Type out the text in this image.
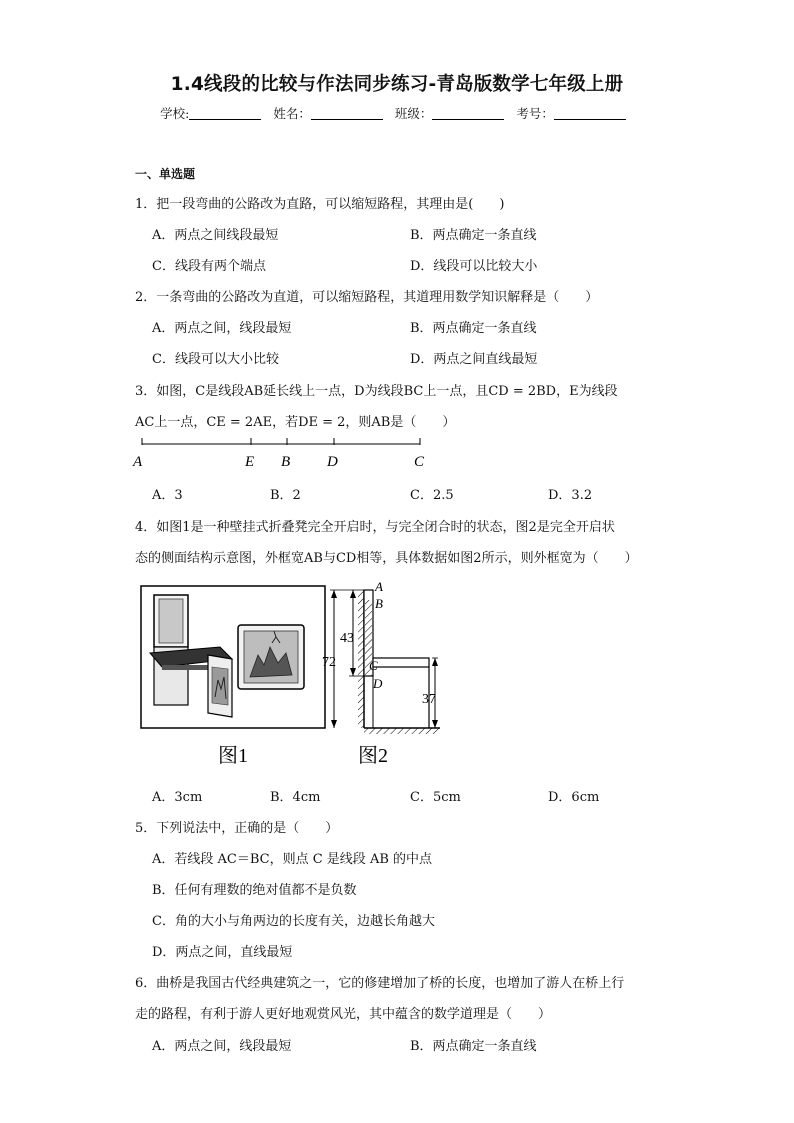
1.4线段的比较与作法同步练习-青岛版数学七年级上册
学校:	姓名：	班级：	考号：
一、单选题
1．把一段弯曲的公路改为直路，可以缩短路程，其理由是(　　)
A．两点之间线段最短	B．两点确定一条直线
C．线段有两个端点	D．线段可以比较大小
2．一条弯曲的公路改为直道，可以缩短路程，其道理用数学知识解释是（　　）
A．两点之间，线段最短	B．两点确定一条直线
C．线段可以大小比较	D．两点之间直线最短
3．如图，C是线段AB延长线上一点，D为线段BC上一点，且CD = 2BD，E为线段
AC上一点，CE = 2AE，若DE = 2，则AB是（　　）
A	E B D	C
A．3	B．2	C．2.5	D．3.2
4．如图1是一种壁挂式折叠凳完全开启时，与完全闭合时的状态，图2是完全开启状
态的侧面结构示意图，外框宽AB与CD相等，具体数据如图2所示，则外框宽为（　　）
图1
72
43
37
A
B
C
D
图2
A．3cm	B．4cm	C．5cm	D．6cm
5．下列说法中，正确的是（　　）
A．若线段 AC＝BC，则点 C 是线段 AB 的中点
B．任何有理数的绝对值都不是负数
C．角的大小与角两边的长度有关，边越长角越大
D．两点之间，直线最短
6．曲桥是我国古代经典建筑之一，它的修建增加了桥的长度，也增加了游人在桥上行
走的路程，有利于游人更好地观赏风光，其中蕴含的数学道理是（　　）
A．两点之间，线段最短	B．两点确定一条直线
